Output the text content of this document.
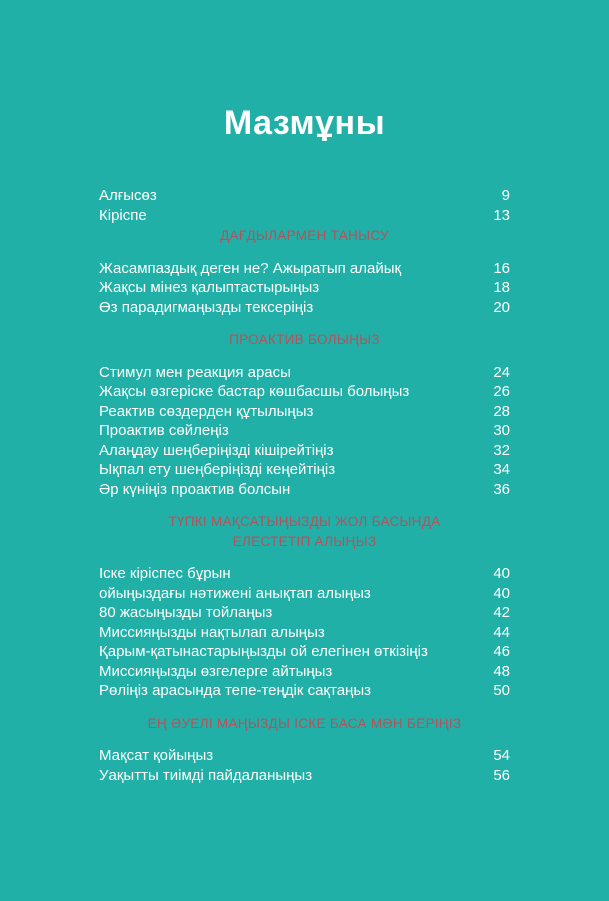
Мазмұны
Алғысөз	9
Кіріспе	13
ДАҒДЫЛАРМЕН ТАНЫСУ
Жасампаздық деген не? Ажыратып алайық	16
Жақсы мінез қалыптастырыңыз	18
Өз парадигмаңызды тексеріңіз	20
ПРОАКТИВ БОЛЫҢЫЗ
Стимул мен реакция арасы	24
Жақсы өзгеріске бастар көшбасшы болыңыз	26
Реактив сөздерден құтылыңыз	28
Проактив сөйлеңіз	30
Алаңдау шеңберіңізді кішірейтіңіз	32
Ықпал ету шеңберіңізді кеңейтіңіз	34
Әр күніңіз проактив болсын	36
ТҮПКІ МАҚСАТЫҢЫЗДЫ ЖОЛ БАСЫНДА
ЕЛЕСТЕТІП АЛЫҢЫЗ
Іске кіріспес бұрын	40
ойыңыздағы нәтижені анықтап алыңыз	40
80 жасыңызды тойлаңыз	42
Миссияңызды нақтылап алыңыз	44
Қарым-қатынастарыңызды ой елегінен өткізіңіз	46
Миссияңызды өзгелерге айтыңыз	48
Рөліңіз арасында тепе-теңдік сақтаңыз	50
ЕҢ ӘУЕЛІ МАҢЫЗДЫ ІСКЕ БАСА МӘН БЕРІҢІЗ
Мақсат қойыңыз	54
Уақытты тиімді пайдаланыңыз	56
